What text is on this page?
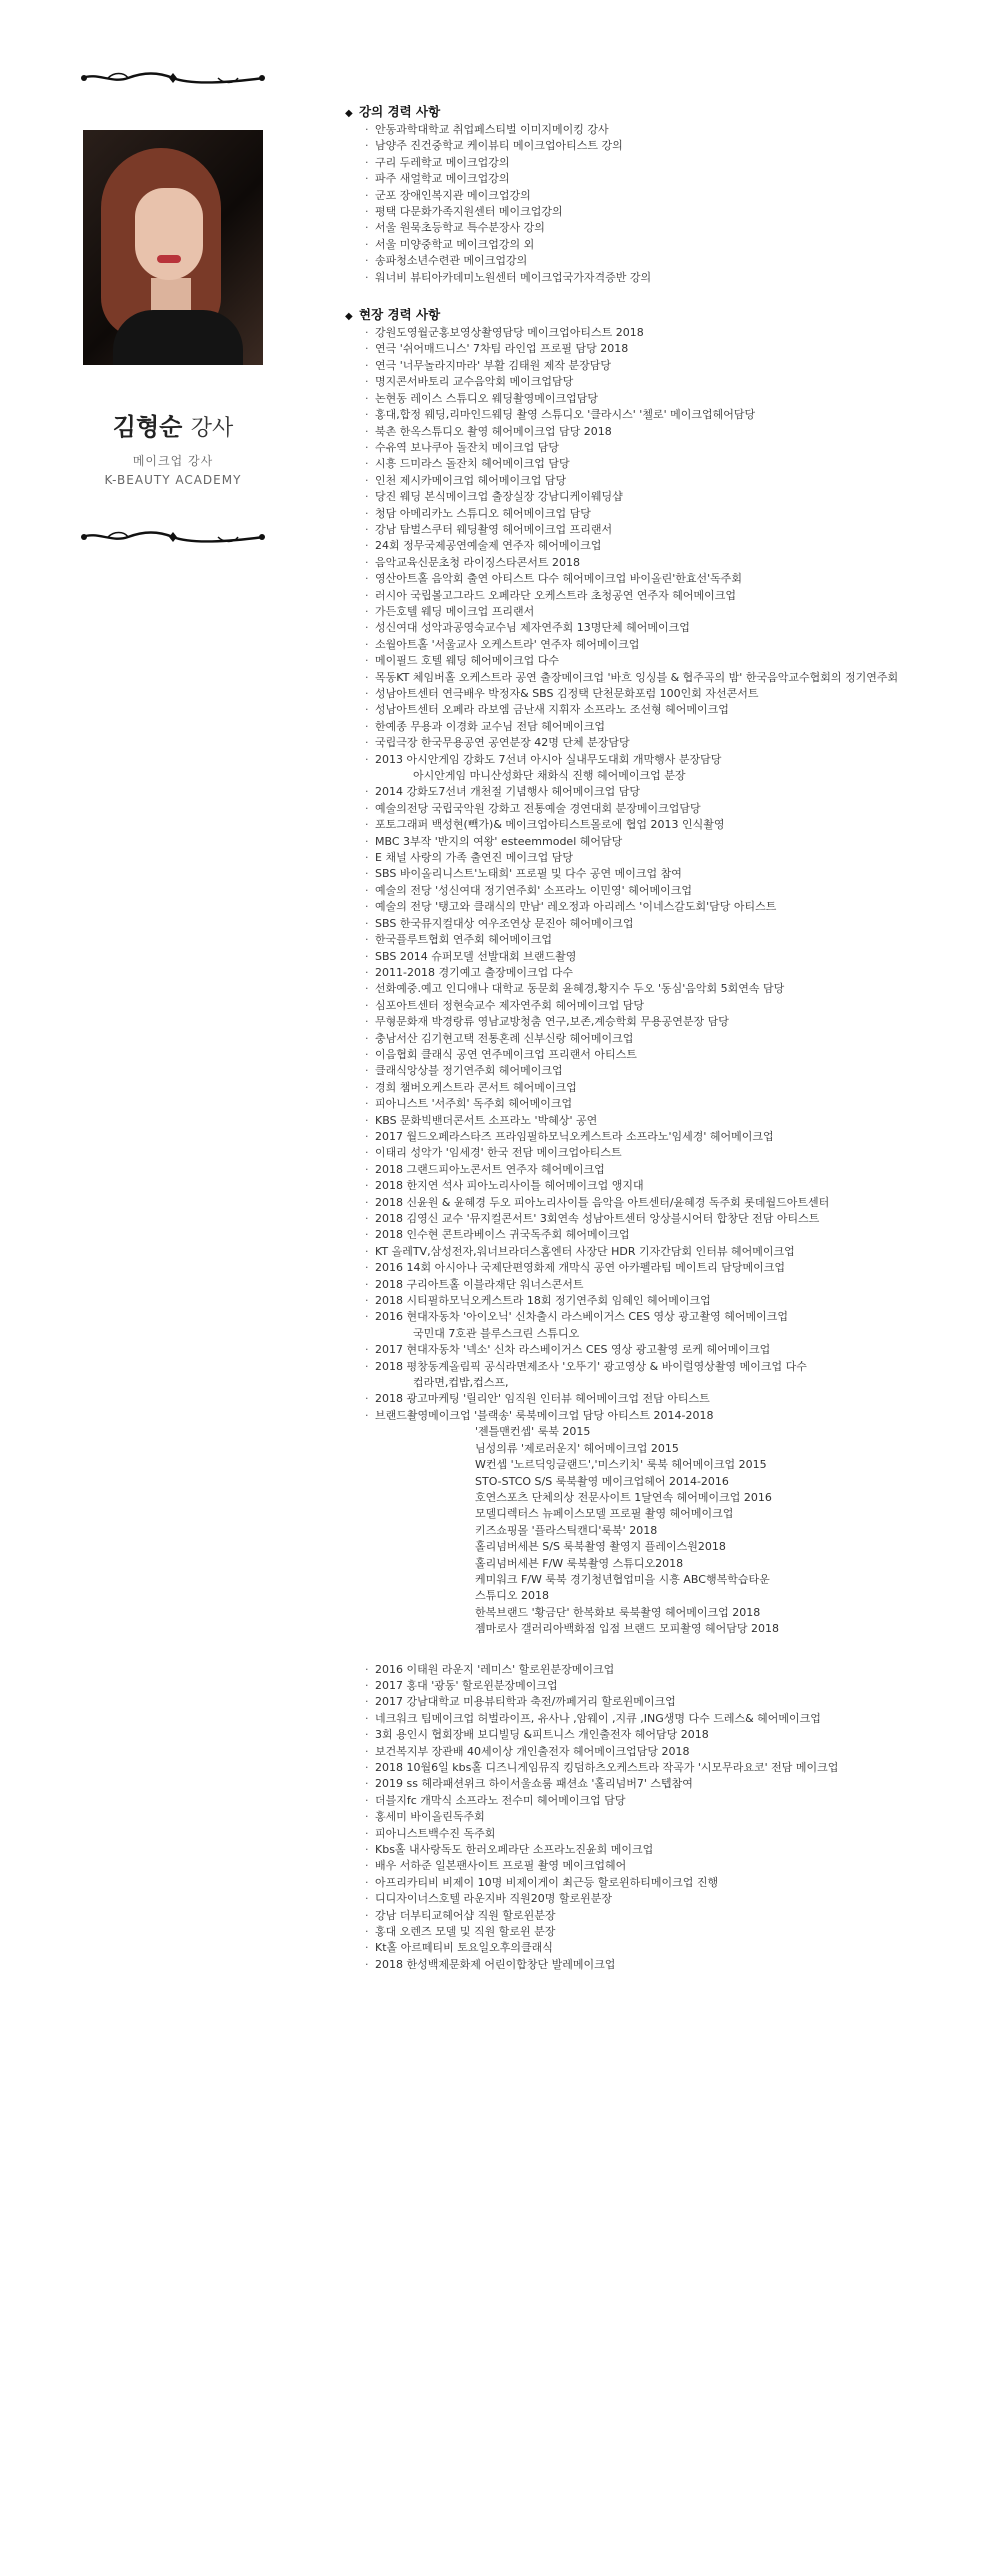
김형순 강사
메이크업 강사
K-BEAUTY ACADEMY
◆ 강의 경력 사항
· 안동과학대학교 취업페스티벌 이미지메이킹 강사
· 남양주 진건중학교 케이뷰티 메이크업아티스트 강의
· 구리 두레학교 메이크업강의
· 파주 새얼학교 메이크업강의
· 군포 장애인복지관 메이크업강의
· 평택 다문화가족지원센터 메이크업강의
· 서울 원묵초등학교 특수분장사 강의
· 서울 미양중학교 메이크업강의 외
· 송파청소년수련관 메이크업강의
· 워너비 뷰티아카데미노원센터 메이크업국가자격증반 강의
◆ 현장 경력 사항
· 강원도영월군홍보영상촬영담당 메이크업아티스트 2018
· 연극 '쉬어매드니스' 7차팀 라인업 프로필 담당 2018
· 연극 '너무놀라지마라' 부활 김태원 제작 분장담당
· 명지콘서바토리 교수음악회 메이크업담당
· 논현동 레이스 스튜디오 웨딩촬영메이크업담당
· 홍대,합정 웨딩,리마인드웨딩 촬영 스튜디오 '클라시스' '첼로' 메이크업헤어담당
· 북촌 한옥스튜디오 촬영 헤어메이크업 담당 2018
· 수유역 보나쿠아 돌잔치 메이크업 담당
· 시흥 드미라스 돌잔치 헤어메이크업 담당
· 인천 제시카메이크업 헤어메이크업 담당
· 당진 웨딩 본식메이크업 출장실장 강남디케이웨딩샵
· 청담 아메리카노 스튜디오 헤어메이크업 담당
· 강남 탐벌스쿠터 웨딩촬영 헤어메이크업 프리랜서
· 24회 정무국제공연예술제 연주자 헤어메이크업
· 음악교육신문초청 라이징스타콘서트 2018
· 영산아트홀 음악회 출연 아티스트 다수 헤어메이크업 바이올린'한효선'독주회
· 러시아 국립볼고그라드 오페라단 오케스트라 초청공연 연주자 헤어메이크업
· 가든호텔 웨딩 메이크업 프리랜서
· 성신여대 성악과공영숙교수님 제자연주회 13명단체 헤어메이크업
· 소월아트홀 '서울교사 오케스트라' 연주자 헤어메이크업
· 메이필드 호텔 웨딩 헤어메이크업 다수
· 목동KT 체임버홀 오케스트라 공연 출장메이크업 '바흐 잉싱블 & 협주곡의 밤' 한국음악교수협회의 정기연주회
· 성남아트센터 연극배우 박정자& SBS 김정택 단천문화포럼 100인회 자선콘서트
· 성남아트센터 오페라 라보엠 금난새 지휘자 소프라노 조선형 헤어메이크업
· 한예종 무용과 이경화 교수님 전담 헤어메이크업
· 국립극장 한국무용공연 공연분장 42명 단체 분장담당
· 2013 아시안게임 강화도 7선녀 아시아 실내무도대회 개막행사 분장담당
아시안게임 마니산성화단 채화식 진행 헤어메이크업 분장
· 2014 강화도7선녀 개천절 기념행사 헤어메이크업 담당
· 예술의전당 국립국악원 강화고 전통예술 경연대회 분장메이크업담당
· 포토그래퍼 백성현(빽가)& 메이크업아티스트몰로에 협업 2013 인식촬영
· MBC 3부작 '반지의 여왕' esteemmodel 헤어담당
· E 채널 사랑의 가족 출연진 메이크업 담당
· SBS 바이올리니스트'노태희' 프로필 및 다수 공연 메이크업 참여
· 예술의 전당 '성신여대 정기연주회' 소프라노 이민영' 헤어메이크업
· 예술의 전당 '탱고와 클래식의 만남' 레오정과 아리레스 '이네스갈도회'담당 아티스트
· SBS 한국뮤지컬대상 여우조연상 문진아 헤어메이크업
· 한국플루트협회 연주회 헤어메이크업
· SBS 2014 슈퍼모델 선발대회 브랜드촬영
· 2011-2018 경기예고 출장메이크업 다수
· 선화예중.예고 인디애나 대학교 동문회 윤혜경,황지수 두오 '동심'음악회 5회연속 담당
· 심포아트센터 정현숙교수 제자연주회 헤어메이크업 담당
· 무형문화재 박경랑류 영남교방청춤 연구,보존,계승학회 무용공연분장 담당
· 충남서산 김기현고택 전통혼례 신부신랑 헤어메이크업
· 이음협회 클래식 공연 연주메이크업 프리랜서 아티스트
· 클래식앙상블 정기연주회 헤어메이크업
· 경희 챔버오케스트라 콘서트 헤어메이크업
· 피아니스트 '서주희' 독주회 헤어메이크업
· KBS 문화빅밴더콘서트 소프라노 '박혜상' 공연
· 2017 월드오페라스타즈 프라임필하모닉오케스트라 소프라노'임세경' 헤어메이크업
· 이태리 성악가 '임세경' 한국 전담 메이크업아티스트
· 2018 그랜드피아노콘서트 연주자 헤어메이크업
· 2018 한지연 석사 피아노리사이틀 헤어메이크업 앵지대
· 2018 신윤원 & 윤혜경 두오 피아노리사이틀 음악을 아트센터/윤혜경 독주회 롯데월드아트센터
· 2018 김영신 교수 '뮤지컬콘서트' 3회연속 성남아트센터 앙상블시어터 합창단 전담 아티스트
· 2018 인수현 콘트라베이스 귀국독주회 헤어메이크업
· KT 올레TV,삼성전자,워너브라더스홈엔터 사장단 HDR 기자간담회 인터뷰 헤어메이크업
· 2016 14회 아시아나 국제단편영화제 개막식 공연 아카펠라팀 메이트리 담당메이크업
· 2018 구리아트홀 이블라재단 워너스콘서트
· 2018 시티필하모닉오케스트라 18회 정기연주회 임혜인 헤어메이크업
· 2016 현대자동차 '아이오닉' 신차출시 라스베이거스 CES 영상 광고촬영 헤어메이크업
국민대 7호관 블루스크린 스튜디오
· 2017 현대자동차 '넥소' 신차 라스베이거스 CES 영상 광고촬영 로케 헤어메이크업
· 2018 평창동계올림픽 공식라면제조사 '오뚜기' 광고영상 & 바이럴영상촬영 메이크업 다수
컵라면,컵밥,컵스프,
· 2018 광고마케팅 '릴리안' 임직원 인터뷰 헤어메이크업 전담 아티스트
· 브랜드촬영메이크업 '블랙송' 룩북메이크업 담당 아티스트 2014-2018
'젠틀맨컨셉' 룩북 2015
님성의류 '제로러운지' 헤어메이크업 2015
W컨셉 '노르딕잉글랜드','미스키치' 룩북 헤어메이크업 2015
STO-STCO S/S 룩북촬영 메이크업헤어 2014-2016
호연스포츠 단체의상 전문사이트 1달연속 헤어메이크업 2016
모델디렉터스 뉴페이스모델 프로필 촬영 헤어메이크업
키즈쇼핑몰 '플라스틱캔디'룩북' 2018
홀리넘버세븐 S/S 룩북촬영 촬영지 플레이스원2018
홀리넘버세븐 F/W 룩북촬영 스튜디오2018
케미워크 F/W 룩북 경기청년협업미을 시흥 ABC행복학습타운
스튜디오 2018
한복브랜드 '황금단' 한복화보 룩북촬영 헤어메이크업 2018
젬마로사 갤러리아백화점 입점 브랜드 모피촬영 헤어담당 2018
· 2016 이태원 라운지 '레미스' 할로윈분장메이크업
· 2017 홍대 '광동' 할로윈분장메이크업
· 2017 강남대학교 미용뷰티학과 축전/까페거리 할로윈메이크업
· 네크워크 팀메이크업 허벌라이프, 유사나 ,암웨이 ,지큐 ,ING생명 다수 드레스& 헤어메이크업
· 3회 용인시 협회장배 보디빌딩 &피트니스 개인출전자 헤어담당 2018
· 보건복지부 장관배 40세이상 개인출전자 헤어메이크업담당 2018
· 2018 10월6일 kbs홀 디즈니게임뮤직 킹덤하츠오케스트라 작곡가 '시모무라요코' 전담 메이크업
· 2019 ss 헤라패션위크 하이서울쇼룸 패션쇼 '홀리넘버7' 스텝참여
· 더블지fc 개막식 소프라노 전수미 헤어메이크업 담당
· 홍세미 바이올린독주회
· 피아니스트백수진 독주회
· Kbs홀 내사랑독도 한러오페라단 소프라노진윤희 메이크업
· 배우 서하준 일본팬사이트 프로필 촬영 메이크업헤어
· 아프리카티비 비제이 10명 비제이게이 최근등 할로윈하티메이크업 진행
· 디디자이너스호텔 라운지바 직원20명 할로윈분장
· 강남 더부티교헤어샵 직원 할로윈분장
· 홍대 오렌즈 모델 및 직원 할로윈 분장
· Kt홀 아르떼티비 토요일오후의클래식
· 2018 한성백제문화제 어린이합창단 발레메이크업
